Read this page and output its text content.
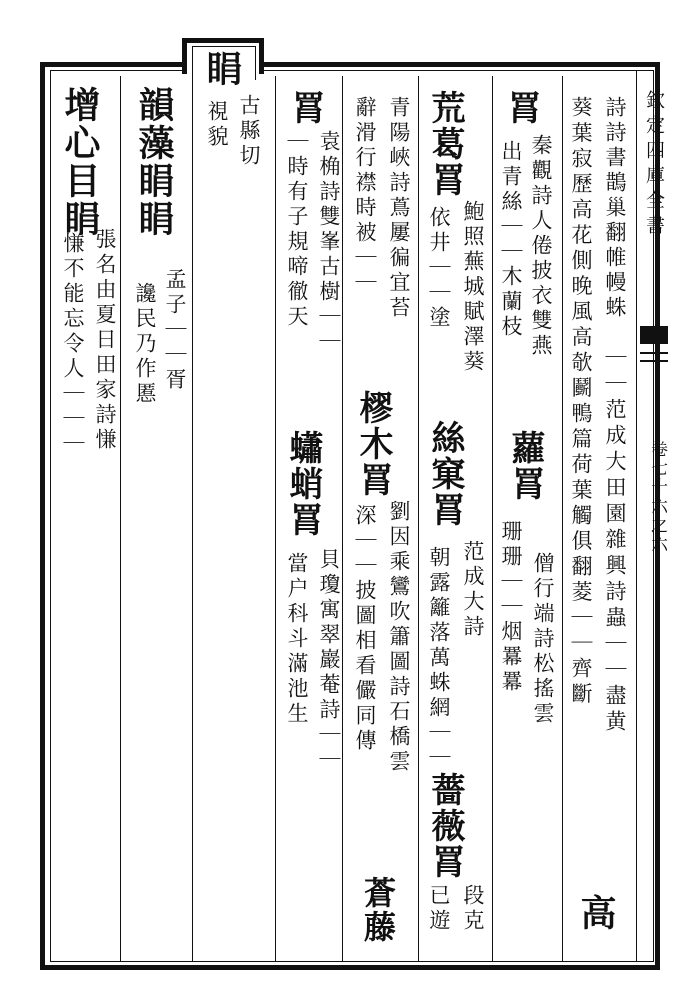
欽定四庫全書
卷七十六之六
睊
古縣切
視貌	詩詩書鵲巢翻帷幔蛛
｜｜范成大田園雜興詩蟲｜｜盡黄
葵葉寂歷高花側晚風高欹鬬鴨篇荷葉觸俱翻菱｜｜齊斷
高
秦觀詩人倦披衣雙燕
罥
出青絲｜｜木蘭枝
僧行端詩松搖雲
蘿罥
珊珊｜｜烟羃羃
荒葛罥
鮑照蕪城賦澤葵
依井｜｜塗
絲窠罥
范成大詩
朝露籬落萬蛛網｜｜
薔薇罥
段克
已遊
青陽峽詩蔦屢徧宜苔
辭滑行襟時被｜｜
樛木罥
劉因乘鸞吹簫圖詩石橋雲
深｜｜披圖相看儼同傳
蒼藤
罥
袁桷詩雙峯古樹｜｜
｜時有子規啼徹天
蠨蛸罥
貝瓊寓翠巖菴詩｜｜
當户科斗滿池生
韻藻睊睊
孟子｜｜胥
讒民乃作慝
增心目睊
張名由夏日田家詩慊
慊不能忘令人｜｜｜
